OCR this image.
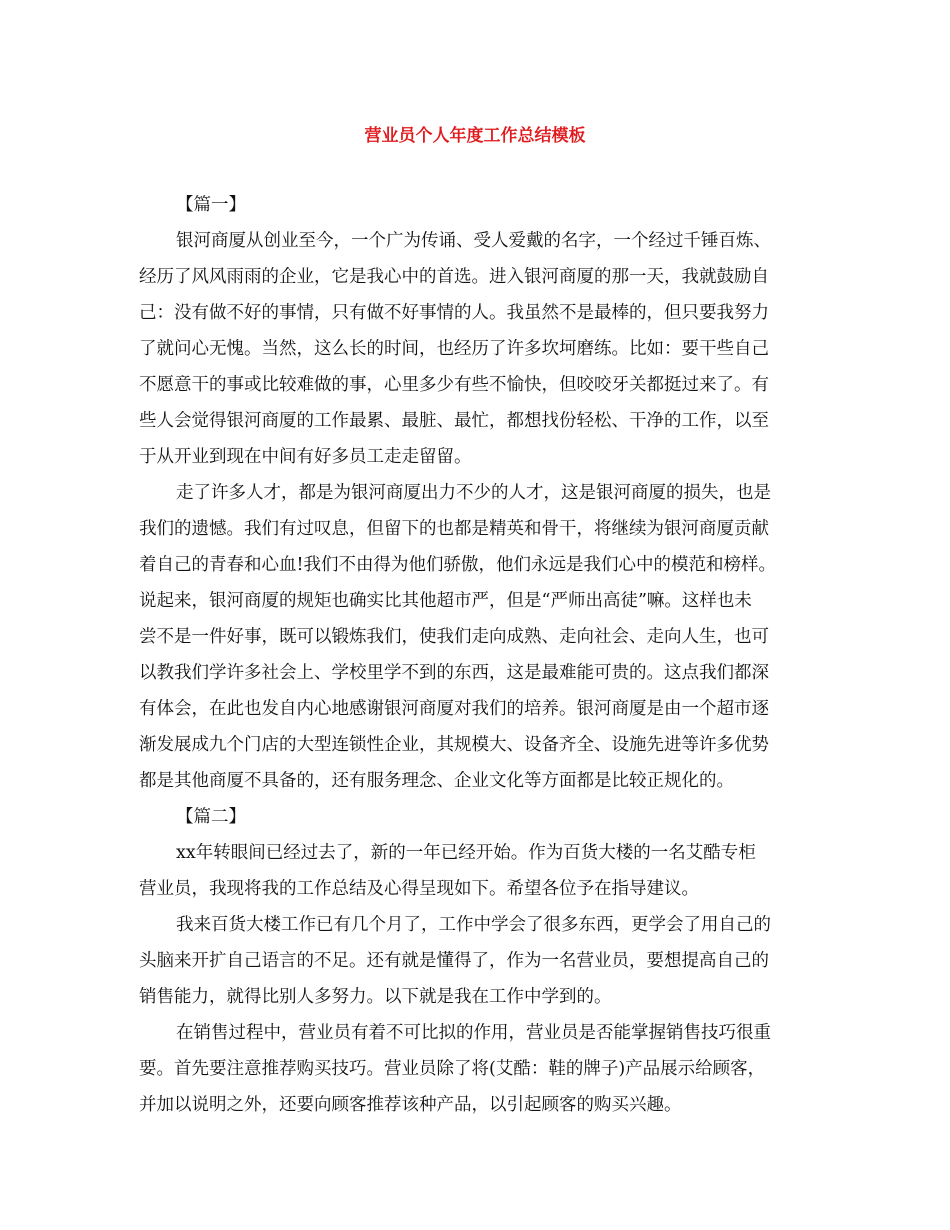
营业员个人年度工作总结模板
【篇一】
银河商厦从创业至今，一个广为传诵、受人爱戴的名字，一个经过千锤百炼、
经历了风风雨雨的企业，它是我心中的首选。进入银河商厦的那一天，我就鼓励自
己：没有做不好的事情，只有做不好事情的人。我虽然不是最棒的，但只要我努力
了就问心无愧。当然，这么长的时间，也经历了许多坎坷磨练。比如：要干些自己
不愿意干的事或比较难做的事，心里多少有些不愉快，但咬咬牙关都挺过来了。有
些人会觉得银河商厦的工作最累、最脏、最忙，都想找份轻松、干净的工作，以至
于从开业到现在中间有好多员工走走留留。
走了许多人才，都是为银河商厦出力不少的人才，这是银河商厦的损失，也是
我们的遗憾。我们有过叹息，但留下的也都是精英和骨干，将继续为银河商厦贡献
着自己的青春和心血!我们不由得为他们骄傲，他们永远是我们心中的模范和榜样。
说起来，银河商厦的规矩也确实比其他超市严，但是“严师出高徒”嘛。这样也未
尝不是一件好事，既可以锻炼我们，使我们走向成熟、走向社会、走向人生，也可
以教我们学许多社会上、学校里学不到的东西，这是最难能可贵的。这点我们都深
有体会，在此也发自内心地感谢银河商厦对我们的培养。银河商厦是由一个超市逐
渐发展成九个门店的大型连锁性企业，其规模大、设备齐全、设施先进等许多优势
都是其他商厦不具备的，还有服务理念、企业文化等方面都是比较正规化的。
【篇二】
xx年转眼间已经过去了，新的一年已经开始。作为百货大楼的一名艾酷专柜
营业员，我现将我的工作总结及心得呈现如下。希望各位予在指导建议。
我来百货大楼工作已有几个月了，工作中学会了很多东西，更学会了用自己的
头脑来开扩自己语言的不足。还有就是懂得了，作为一名营业员，要想提高自己的
销售能力，就得比别人多努力。以下就是我在工作中学到的。
在销售过程中，营业员有着不可比拟的作用，营业员是否能掌握销售技巧很重
要。首先要注意推荐购买技巧。营业员除了将(艾酷：鞋的牌子)产品展示给顾客，
并加以说明之外，还要向顾客推荐该种产品，以引起顾客的购买兴趣。
